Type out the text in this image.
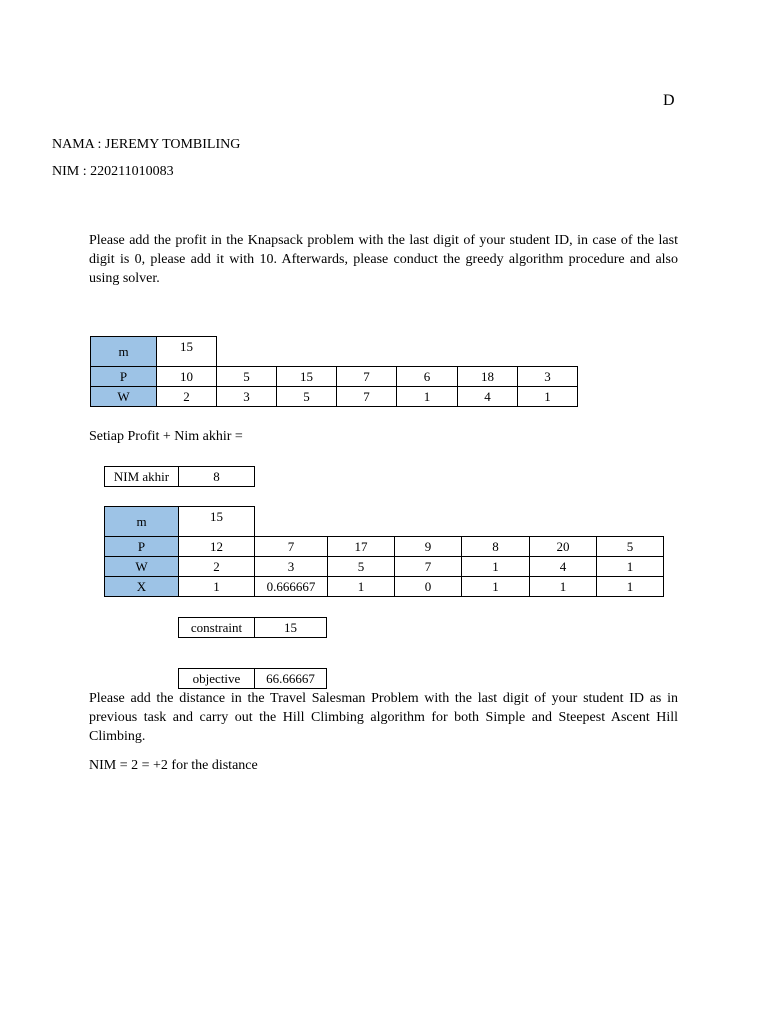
D
NAMA : JEREMY TOMBILING
NIM : 220211010083
Please add the profit in the Knapsack problem with the last digit of your student ID, in case of the last digit is 0, please add it with 10. Afterwards, please conduct the greedy algorithm procedure and also using solver.
m	15						
P	10	5	15	7	6	18	3
W	2	3	5	7	1	4	1
Setiap Profit + Nim akhir =
NIM akhir	8
m	15						
P	12	7	17	9	8	20	5
W	2	3	5	7	1	4	1
X	1	0.666667	1	0	1	1	1
constraint	15
objective	66.66667
Please add the distance in the Travel Salesman Problem with the last digit of your student ID as in previous task and carry out the Hill Climbing algorithm for both Simple and Steepest Ascent Hill Climbing.
NIM = 2 = +2 for the distance
